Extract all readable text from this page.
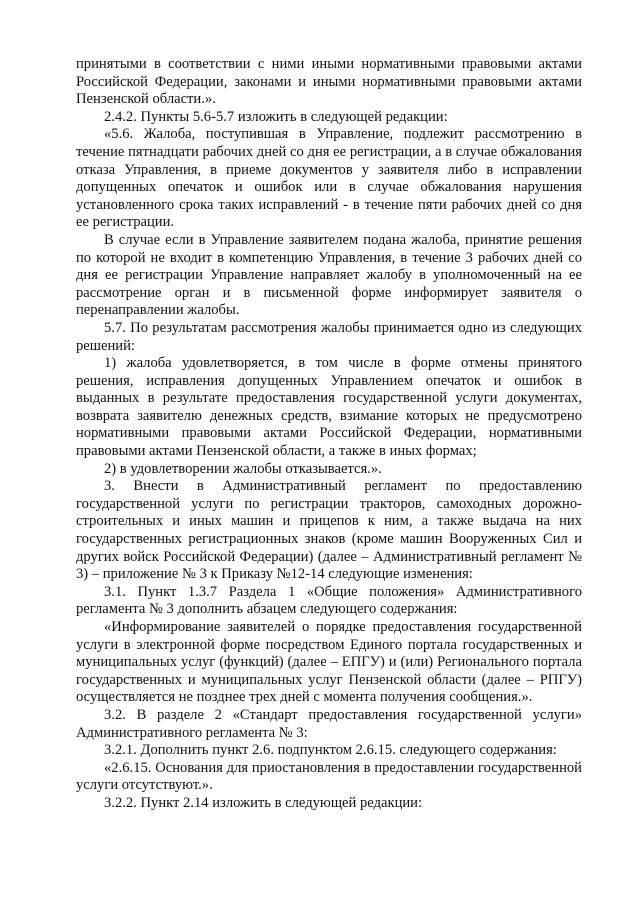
принятыми в соответствии с ними иными нормативными правовыми актами Российской Федерации, законами и иными нормативными правовыми актами Пензенской области.».

2.4.2. Пункты 5.6-5.7 изложить в следующей редакции:

«5.6. Жалоба, поступившая в Управление, подлежит рассмотрению в течение пятнадцати рабочих дней со дня ее регистрации, а в случае обжалования отказа Управления, в приеме документов у заявителя либо в исправлении допущенных опечаток и ошибок или в случае обжалования нарушения установленного срока таких исправлений - в течение пяти рабочих дней со дня ее регистрации.

В случае если в Управление заявителем подана жалоба, принятие решения по которой не входит в компетенцию Управления, в течение 3 рабочих дней со дня ее регистрации Управление направляет жалобу в уполномоченный на ее рассмотрение орган и в письменной форме информирует заявителя о перенаправлении жалобы.

5.7. По результатам рассмотрения жалобы принимается одно из следующих решений:

1) жалоба удовлетворяется, в том числе в форме отмены принятого решения, исправления допущенных Управлением опечаток и ошибок в выданных в результате предоставления государственной услуги документах, возврата заявителю денежных средств, взимание которых не предусмотрено нормативными правовыми актами Российской Федерации, нормативными правовыми актами Пензенской области, а также в иных формах;

2) в удовлетворении жалобы отказывается.».

3. Внести в Административный регламент по предоставлению государственной услуги по регистрации тракторов, самоходных дорожно-строительных и иных машин и прицепов к ним, а также выдача на них государственных регистрационных знаков (кроме машин Вооруженных Сил и других войск Российской Федерации) (далее – Административный регламент № 3) – приложение № 3 к Приказу №12-14 следующие изменения:

3.1. Пункт 1.3.7 Раздела 1 «Общие положения» Административного регламента № 3 дополнить абзацем следующего содержания:

«Информирование заявителей о порядке предоставления государственной услуги в электронной форме посредством Единого портала государственных и муниципальных услуг (функций) (далее – ЕПГУ) и (или) Регионального портала государственных и муниципальных услуг Пензенской области (далее – РПГУ) осуществляется не позднее трех дней с момента получения сообщения.».

3.2. В разделе 2 «Стандарт предоставления государственной услуги» Административного регламента № 3:

3.2.1. Дополнить пункт 2.6. подпунктом 2.6.15. следующего содержания:

«2.6.15. Основания для приостановления в предоставлении государственной услуги отсутствуют.».

3.2.2. Пункт 2.14 изложить в следующей редакции:
